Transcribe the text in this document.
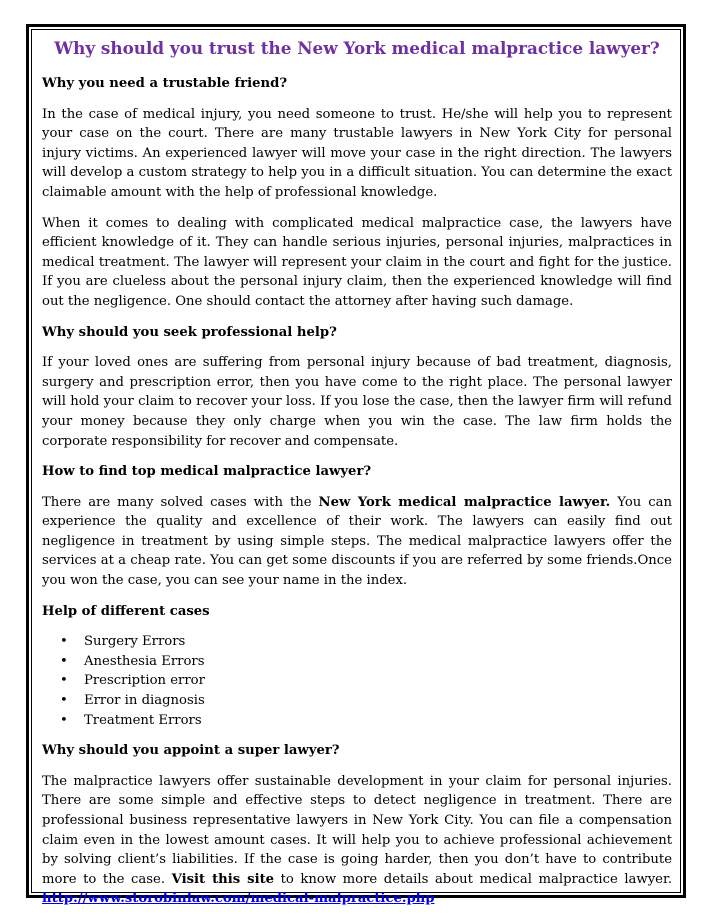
Why should you trust the New York medical malpractice lawyer?
Why you need a trustable friend?

In the case of medical injury, you need someone to trust. He/she will help you to represent your case on the court. There are many trustable lawyers in New York City for personal injury victims. An experienced lawyer will move your case in the right direction. The lawyers will develop a custom strategy to help you in a difficult situation. You can determine the exact claimable amount with the help of professional knowledge.

When it comes to dealing with complicated medical malpractice case, the lawyers have efficient knowledge of it. They can handle serious injuries, personal injuries, malpractices in medical treatment. The lawyer will represent your claim in the court and fight for the justice. If you are clueless about the personal injury claim, then the experienced knowledge will find out the negligence. One should contact the attorney after having such damage.

Why should you seek professional help?

If your loved ones are suffering from personal injury because of bad treatment, diagnosis, surgery and prescription error, then you have come to the right place. The personal lawyer will hold your claim to recover your loss. If you lose the case, then the lawyer firm will refund your money because they only charge when you win the case. The law firm holds the corporate responsibility for recover and compensate.

How to find top medical malpractice lawyer?

There are many solved cases with the New York medical malpractice lawyer. You can experience the quality and excellence of their work. The lawyers can easily find out negligence in treatment by using simple steps. The medical malpractice lawyers offer the services at a cheap rate. You can get some discounts if you are referred by some friends.Once you won the case, you can see your name in the index.

Help of different cases
• Surgery Errors
• Anesthesia Errors
• Prescription error
• Error in diagnosis
• Treatment Errors
Why should you appoint a super lawyer?

The malpractice lawyers offer sustainable development in your claim for personal injuries. There are some simple and effective steps to detect negligence in treatment. There are professional business representative lawyers in New York City. You can file a compensation claim even in the lowest amount cases. It will help you to achieve professional achievement by solving client’s liabilities. If the case is going harder, then you don’t have to contribute more to the case. Visit this site to know more details about medical malpractice lawyer. http://www.storobinlaw.com/medical-malpractice.php
